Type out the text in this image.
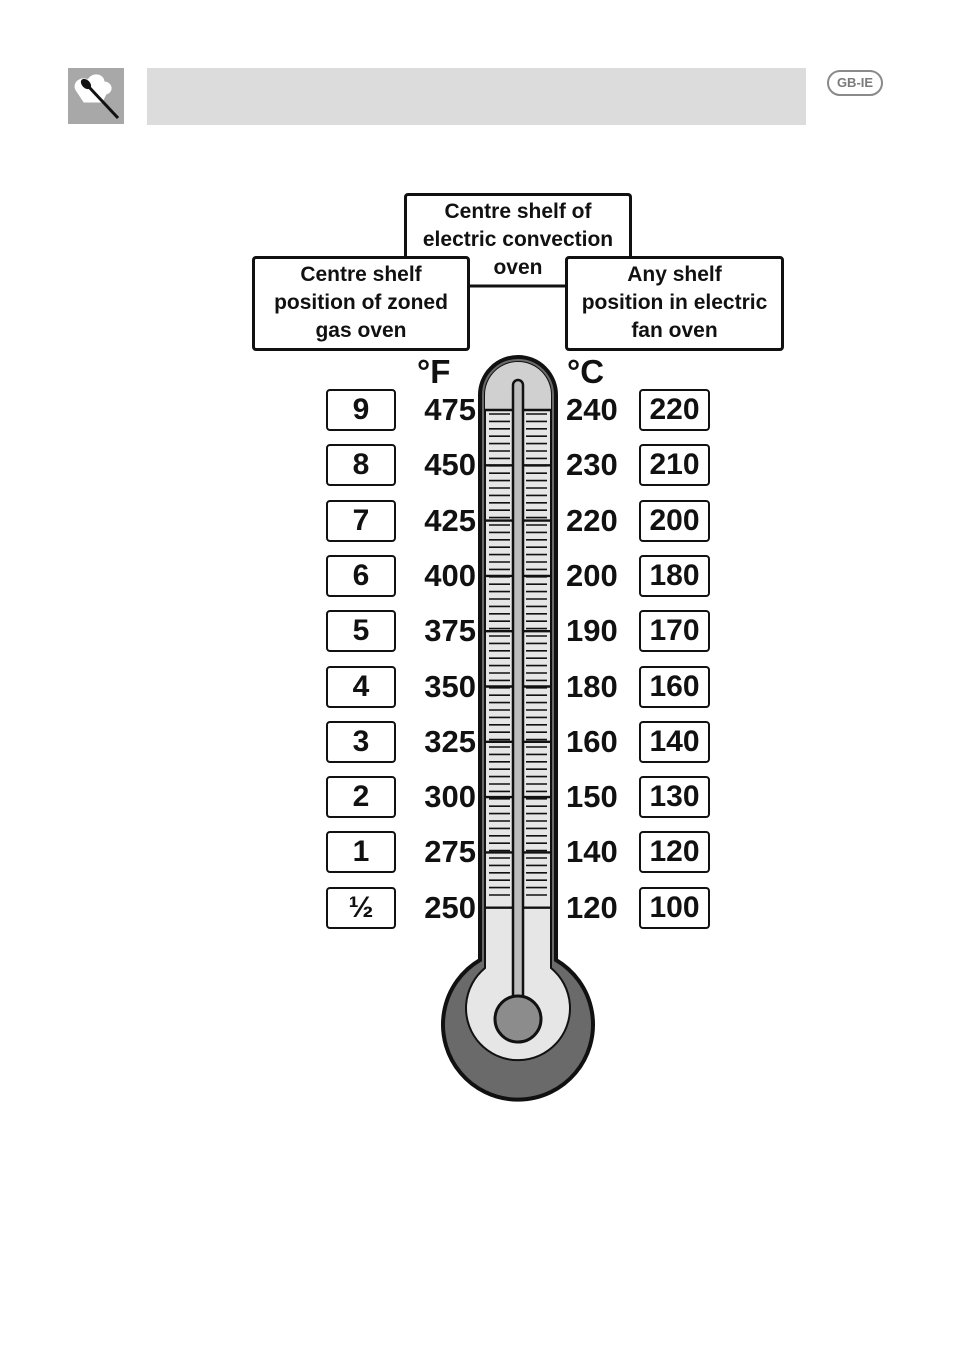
GB-IE
Centre shelf of
electric convection
oven
Centre shelf
position of zoned
gas oven
Any shelf
position in electric
fan oven
°F	°C
9	475	240	220
8	450	230	210
7	425	220	200
6	400	200	180
5	375	190	170
4	350	180	160
3	325	160	140
2	300	150	130
1	275	140	120
½	250	120	100
